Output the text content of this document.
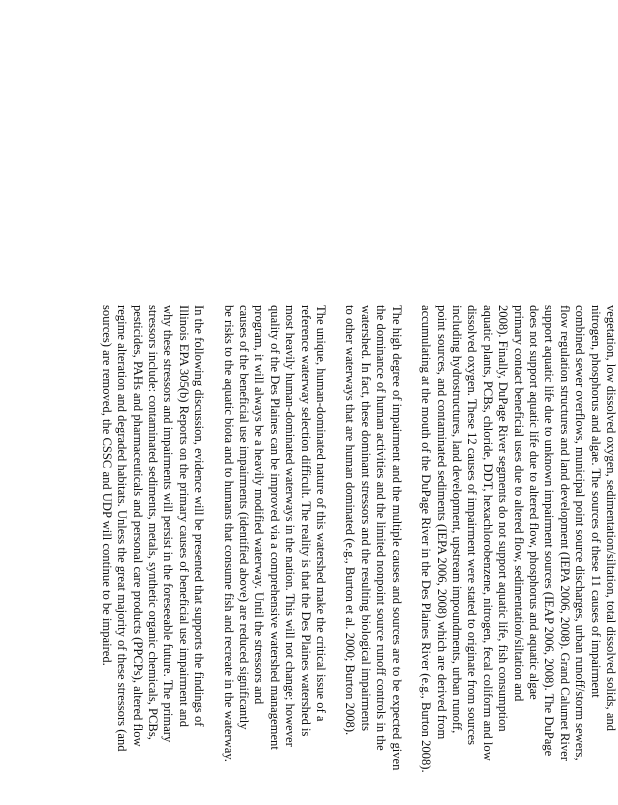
vegetation, low dissolved oxygen, sedimentation/siltation, total dissolved solids, and
nitrogen, phosphorus and algae. The sources of these 11 causes of impairment
combined sewer overflows, municipal point source discharges, urban runoff/storm sewers,
flow regulation structures and land development (IEPA 2006, 2008). Grand Calumet River
support aquatic life due to unknown impairment sources (IEAP 2006, 2008). The DuPage
does not support aquatic life due to altered flow, phosphorus and aquatic algae
primary contact beneficial uses due to altered flow, sedimentation/siltation and
2008). Finally, DuPage River segments do not support aquatic life, fish consumption
aquatic plants, PCBs, chloride, DDT, hexachlorobenzene, nitrogen, fecal coliform and low
dissolved oxygen. These 12 causes of impairment were stated to originate from sources
including hydrostructures, land development, upstream impoundments, urban runoff,
point sources, and contaminated sediments (IEPA 2006, 2008) which are derived from
accumulating at the mouth of the DuPage River in the Des Plaines River (e.g., Burton 2008).
The high degree of impairment and the multiple causes and sources are to be expected given
the dominance of human activities and the limited nonpoint source runoff controls in the
watershed. In fact, these dominant stressors and the resulting biological impairments
to other waterways that are human dominated (e.g., Burton et al. 2000; Burton 2008).
The unique, human-dominated nature of this watershed make the critical issue of a
reference waterway selection difficult. The reality is that the Des Plaines watershed is
most heavily human-dominated waterways in the nation. This will not change; however
quality of the Des Plaines can be improved via a comprehensive watershed management
program, it will always be a heavily modified waterway. Until the stressors and
causes of the beneficial use impairments (identified above) are reduced significantly
be risks to the aquatic biota and to humans that consume fish and recreate in the waterway.
In the following discussion, evidence will be presented that supports the findings of
Illinois EPA 305(b) Reports on the primary causes of beneficial use impairment and
why these stressors and impairments will persist in the foreseeable future. The primary
stressors include: contaminated sediments, metals, synthetic organic chemicals, PCBs,
pesticides, PAHs and pharmaceuticals and personal care products (PPCPs), altered flow
regime alteration and degraded habitats. Unless the great majority of these stressors (and
sources) are removed, the CSSC and UDP will continue to be impaired.
